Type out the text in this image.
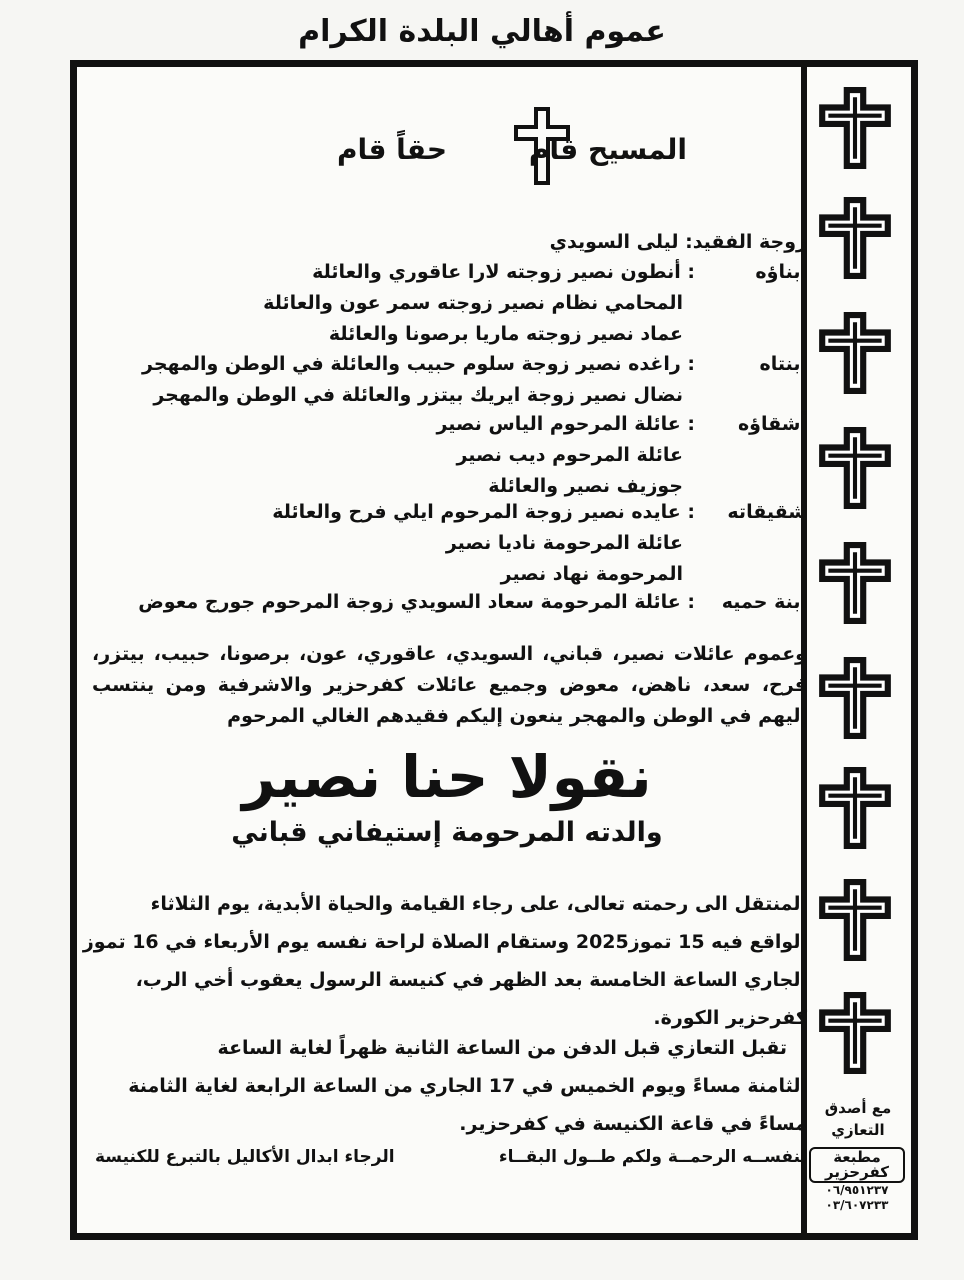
عموم أهالي البلدة الكرام
مع أصدق
التعازي
مطبعة كفرحزير
٠٦/٩٥١٢٣٧
٠٣/٦٠٧٢٣٣
المسيح قام
حقاً قام
زوجة الفقيد: ليلى السويدي
ابناؤه
: أنطون نصير زوجته لارا عاقوري والعائلة
المحامي نظام نصير زوجته سمر عون والعائلة
عماد نصير زوجته ماريا برصونا والعائلة
ابنتاه
: راغده نصير زوجة سلوم حبيب والعائلة في الوطن والمهجر
نضال نصير زوجة ايريك بيتزر والعائلة في الوطن والمهجر
أشقاؤه
: عائلة المرحوم الياس نصير
عائلة المرحوم ديب نصير
جوزيف نصير والعائلة
شقيقاته
: عايده نصير زوجة المرحوم ايلي فرح والعائلة
عائلة المرحومة ناديا نصير
المرحومة نهاد نصير
ابنة حميه
: عائلة المرحومة سعاد السويدي زوجة المرحوم جورج معوض
وعموم عائلات نصير، قباني، السويدي، عاقوري، عون، برصونا، حبيب، بيتزر، فرح، سعد، ناهض، معوض وجميع عائلات كفرحزير والاشرفية ومن ينتسب إليهم في الوطن والمهجر ينعون إليكم فقيدهم الغالي المرحوم
نقولا حنا نصير
والدته المرحومة إستيفاني قباني
المنتقل الى رحمته تعالى، على رجاء القيامة والحياة الأبدية، يوم الثلاثاء
الواقع فيه 15 تموز2025 وستقام الصلاة لراحة نفسه يوم الأربعاء في 16 تموز
الجاري الساعة الخامسة بعد الظهر في كنيسة الرسول يعقوب أخي الرب،
كفرحزير الكورة.
تقبل التعازي قبل الدفن من الساعة الثانية ظهراً لغاية الساعة
الثامنة مساءً ويوم الخميس في 17 الجاري من الساعة الرابعة لغاية الثامنة
مساءً في قاعة الكنيسة في كفرحزير.
لنفســه الرحمــة ولكم طــول البقــاء
الرجاء ابدال الأكاليل بالتبرع للكنيسة
